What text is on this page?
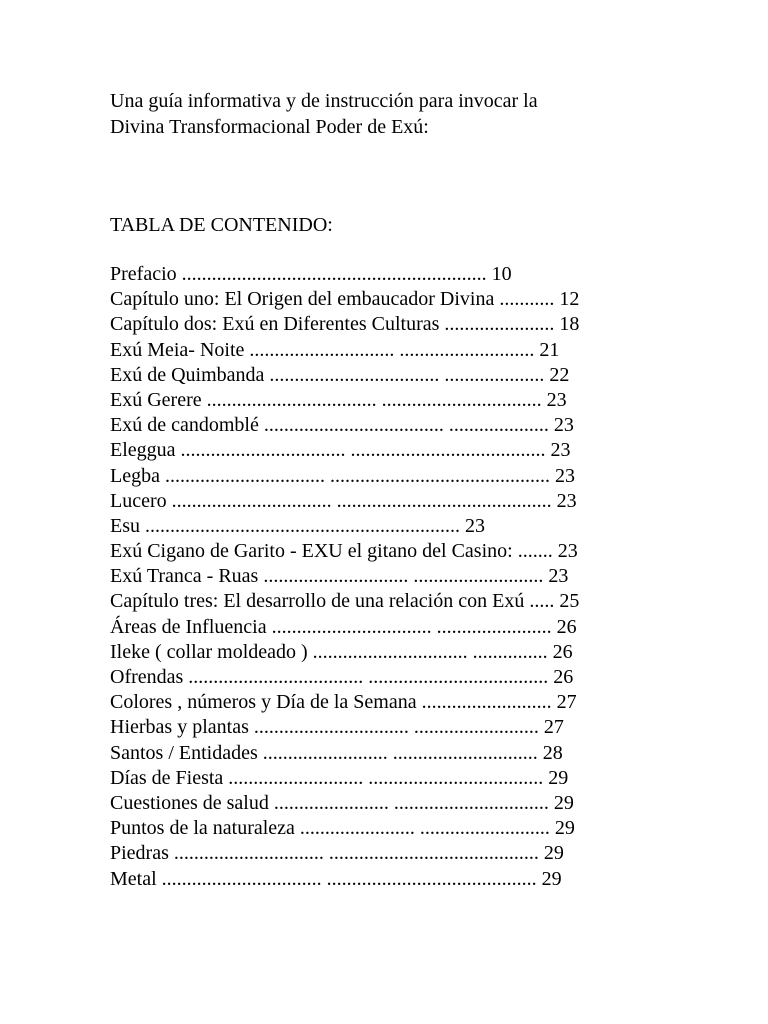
Una guía informativa y de instrucción para invocar la
Divina Transformacional Poder de Exú:
TABLA DE CONTENIDO:
Prefacio ............................................................. 10
Capítulo uno: El Origen del embaucador Divina ........... 12
Capítulo dos: Exú en Diferentes Culturas ...................... 18
Exú Meia- Noite ............................. ........................... 21
Exú de Quimbanda .................................. .................... 22
Exú Gerere .................................. ................................ 23
Exú de candomblé .................................... .................... 23
Eleggua ................................. ....................................... 23
Legba ................................ ............................................ 23
Lucero ................................ ........................................... 23
Esu ............................................................... 23
Exú Cigano de Garito - EXU el gitano del Casino: ....... 23
Exú Tranca - Ruas ............................. .......................... 23
Capítulo tres: El desarrollo de una relación con Exú ..... 25
Áreas de Influencia ................................ ....................... 26
Ileke ( collar moldeado ) ............................... ............... 26
Ofrendas ................................... .................................... 26
Colores , números y Día de la Semana .......................... 27
Hierbas y plantas ............................... ......................... 27
Santos / Entidades ......................... ............................. 28
Días de Fiesta ........................... ................................... 29
Cuestiones de salud ....................... ............................... 29
Puntos de la naturaleza ....................... .......................... 29
Piedras .............................. .......................................... 29
Metal ................................ .......................................... 29
